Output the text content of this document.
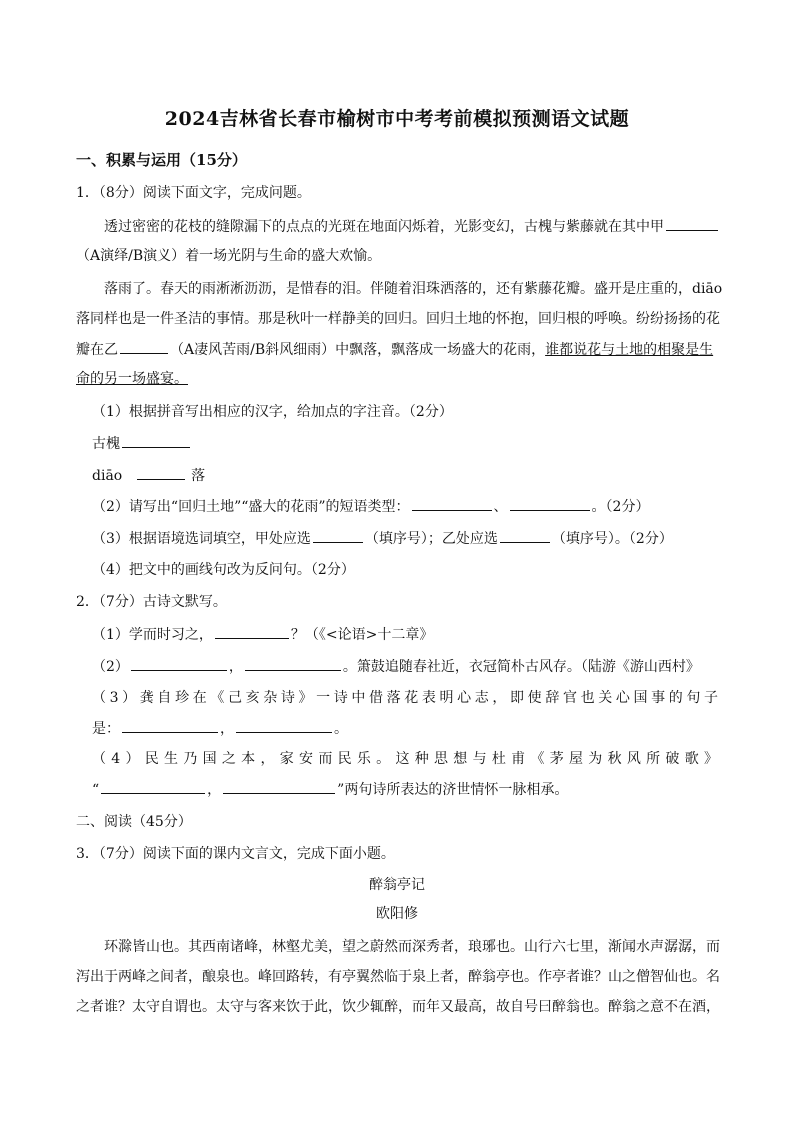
2024吉林省长春市榆树市中考考前模拟预测语文试题
一、积累与运用（15分）
1．（8分）阅读下面文字，完成问题。
透过密密的花枝的缝隙漏下的点点的光斑在地面闪烁着，光影变幻，古槐与紫藤就在其中甲
（A演绎/B演义）着一场光阴与生命的盛大欢愉。
落雨了。春天的雨淅淅沥沥，是惜春的泪。伴随着泪珠洒落的，还有紫藤花瓣。盛开是庄重的，diāo
落同样也是一件圣洁的事情。那是秋叶一样静美的回归。回归土地的怀抱，回归根的呼唤。纷纷扬扬的花
瓣在乙	（A凄风苦雨/B斜风细雨）中飘落，飘落成一场盛大的花雨，谁都说花与土地的相聚是生
命的另一场盛宴。
（1）根据拼音写出相应的汉字，给加点的字注音。（2分）
古槐
diāo	落
（2）请写出“回归土地”“盛大的花雨”的短语类型：	、	。（2分）
（3）根据语境选词填空，甲处应选	（填序号）；乙处应选	（填序号）。（2分）
（4）把文中的画线句改为反问句。（2分）
2．（7分）古诗文默写。
（1）学而时习之，	？（《<论语>十二章》
（2）	，	。箫鼓追随春社近，衣冠简朴古风存。（陆游《游山西村》
（3）龚自珍在《己亥杂诗》一诗中借落花表明心志，即使辞官也关心国事的句子
是：	，	。
（4）民生乃国之本，家安而民乐。这种思想与杜甫《茅屋为秋风所破歌》
“	，	”两句诗所表达的济世情怀一脉相承。
二、阅读（45分）
3．（7分）阅读下面的课内文言文，完成下面小题。
醉翁亭记
欧阳修
环滁皆山也。其西南诸峰，林壑尤美，望之蔚然而深秀者，琅琊也。山行六七里，渐闻水声潺潺，而
泻出于两峰之间者，酿泉也。峰回路转，有亭翼然临于泉上者，醉翁亭也。作亭者谁？山之僧智仙也。名
之者谁？太守自谓也。太守与客来饮于此，饮少辄醉，而年又最高，故自号曰醉翁也。醉翁之意不在酒，
